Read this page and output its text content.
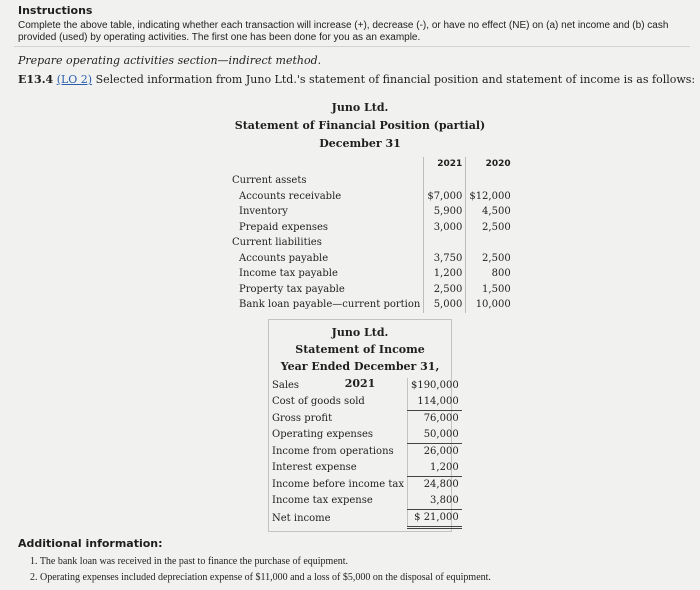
Instructions
Complete the above table, indicating whether each transaction will increase (+), decrease (-), or have no effect (NE) on (a) net income and (b) cash provided (used) by operating activities. The first one has been done for you as an example.
Prepare operating activities section—indirect method.
E13.4 (LO 2) Selected information from Juno Ltd.'s statement of financial position and statement of income is as follows:
Juno Ltd.
Statement of Financial Position (partial)
December 31
	2021	2020
Current assets		
Accounts receivable	$7,000	$12,000
Inventory	5,900	4,500
Prepaid expenses	3,000	2,500
Current liabilities		
Accounts payable	3,750	2,500
Income tax payable	1,200	800
Property tax payable	2,500	1,500
Bank loan payable—current portion	5,000	10,000
Juno Ltd.
Statement of Income
Year Ended December 31, 2021
Sales	$190,000
Cost of goods sold	114,000
Gross profit	76,000
Operating expenses	50,000
Income from operations	26,000
Interest expense	1,200
Income before income tax	24,800
Income tax expense	3,800
Net income	$ 21,000
Additional information:
1. The bank loan was received in the past to finance the purchase of equipment.
2. Operating expenses included depreciation expense of $11,000 and a loss of $5,000 on the disposal of equipment.
